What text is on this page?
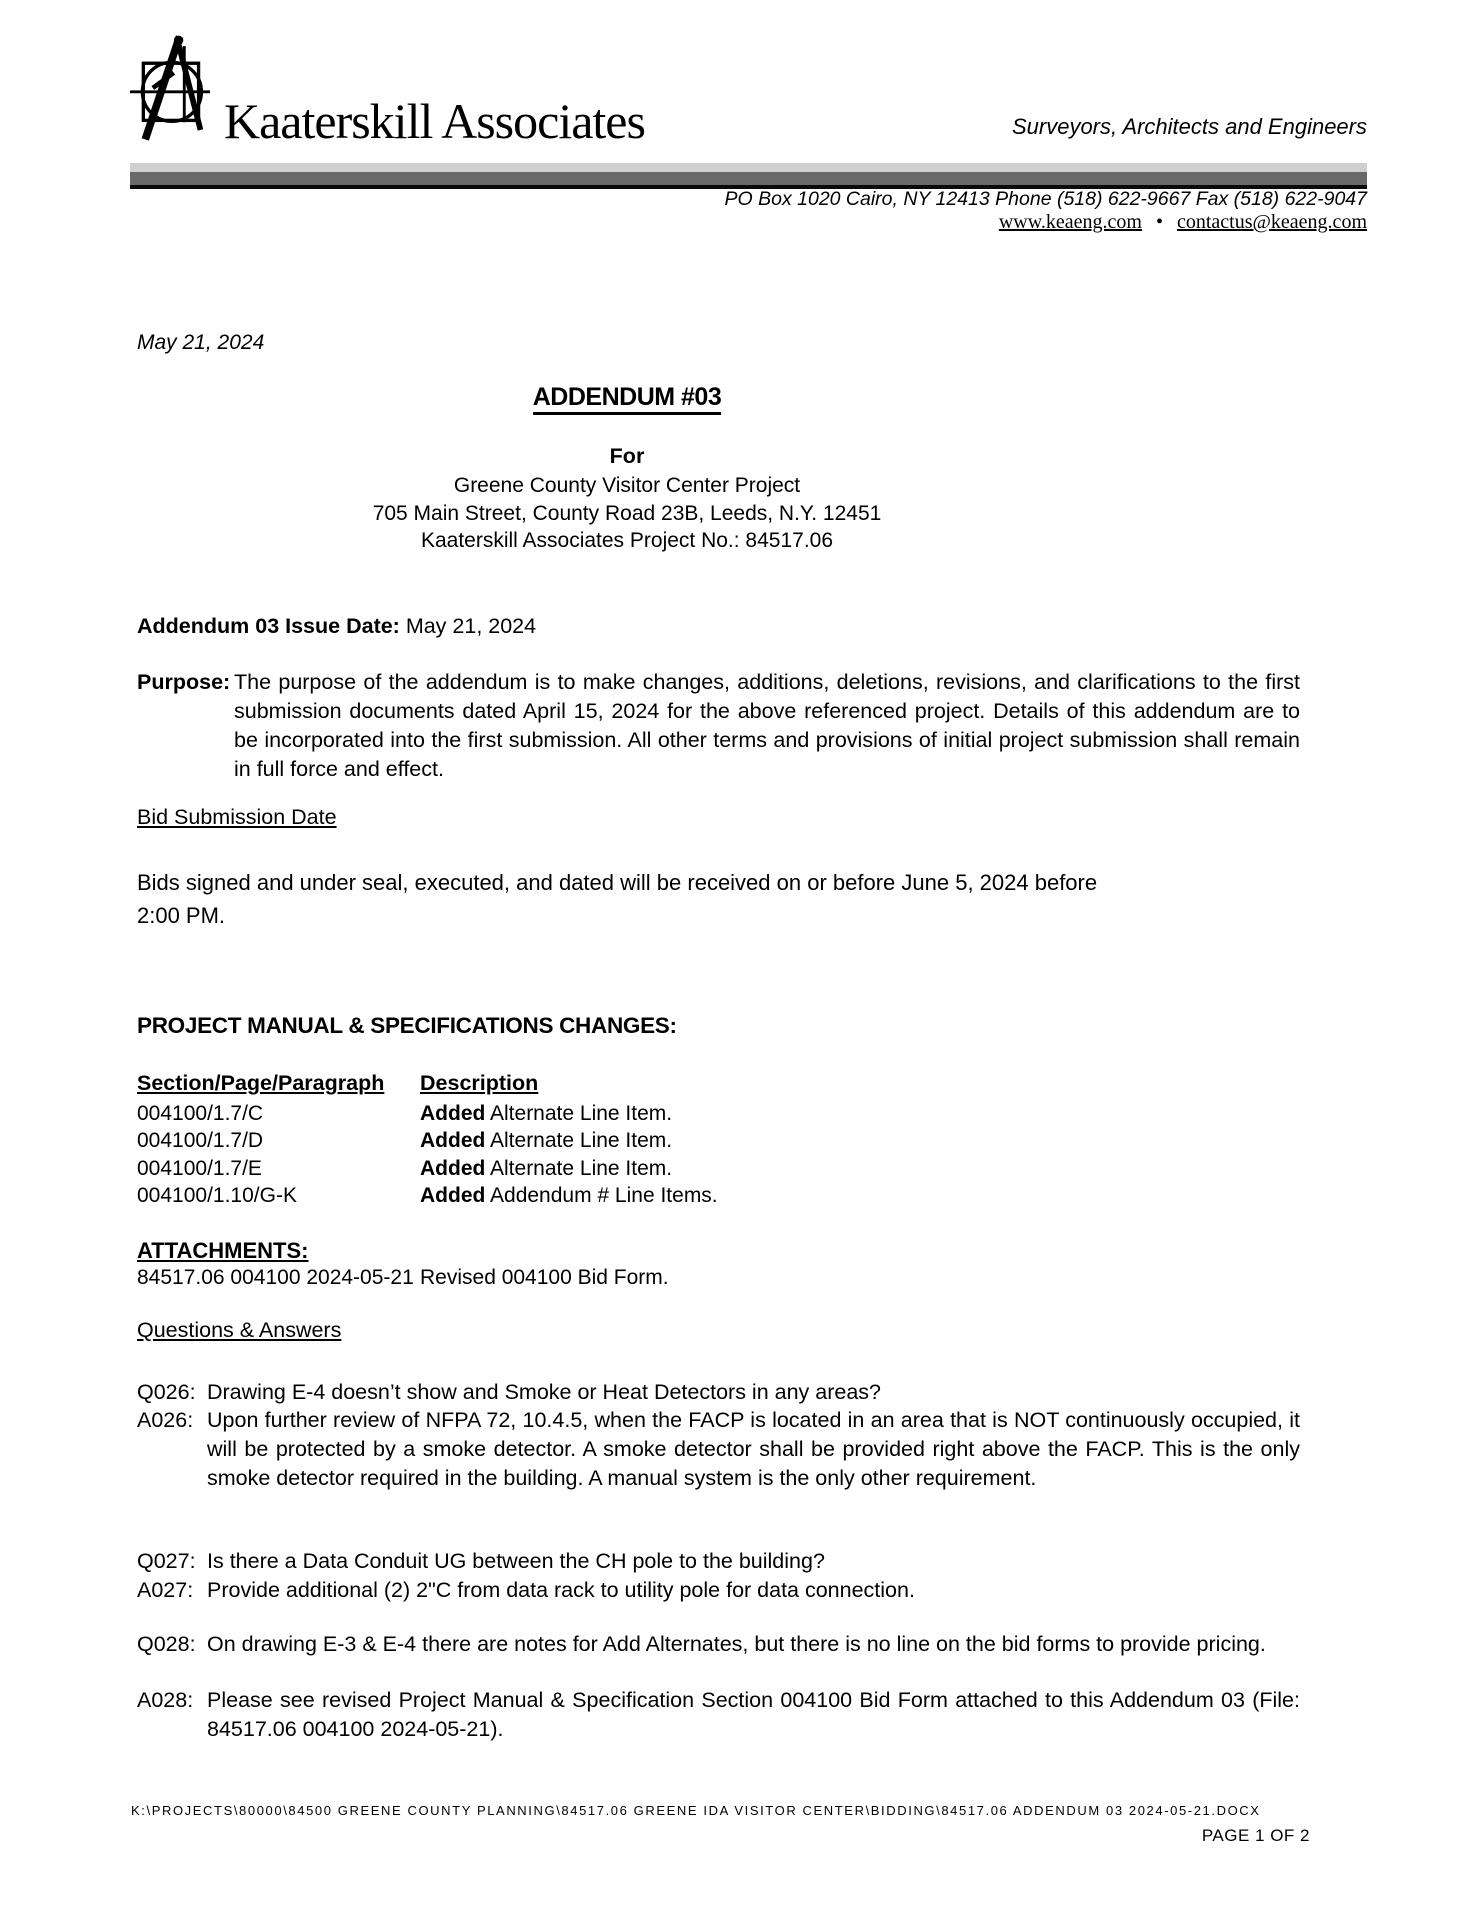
Kaaterskill Associates	Surveyors, Architects and Engineers
PO Box 1020 Cairo, NY 12413 Phone (518) 622-9667 Fax (518) 622-9047
www.keaeng.com • contactus@keaeng.com
May 21, 2024
ADDENDUM #03
For
Greene County Visitor Center Project
705 Main Street, County Road 23B, Leeds, N.Y. 12451
Kaaterskill Associates Project No.: 84517.06
Addendum 03 Issue Date: May 21, 2024
Purpose: The purpose of the addendum is to make changes, additions, deletions, revisions, and clarifications to the first submission documents dated April 15, 2024 for the above referenced project. Details of this addendum are to be incorporated into the first submission. All other terms and provisions of initial project submission shall remain in full force and effect.
Bid Submission Date
Bids signed and under seal, executed, and dated will be received on or before June 5, 2024 before 2:00 PM.
PROJECT MANUAL & SPECIFICATIONS CHANGES:
Section/Page/Paragraph	Description
004100/1.7/C	Added Alternate Line Item.
004100/1.7/D	Added Alternate Line Item.
004100/1.7/E	Added Alternate Line Item.
004100/1.10/G-K	Added Addendum # Line Items.
ATTACHMENTS:
84517.06 004100 2024-05-21 Revised 004100 Bid Form.
Questions & Answers
Q026: Drawing E-4 doesn’t show and Smoke or Heat Detectors in any areas?
A026: Upon further review of NFPA 72, 10.4.5, when the FACP is located in an area that is NOT continuously occupied, it will be protected by a smoke detector. A smoke detector shall be provided right above the FACP. This is the only smoke detector required in the building. A manual system is the only other requirement.
Q027: Is there a Data Conduit UG between the CH pole to the building?
A027: Provide additional (2) 2"C from data rack to utility pole for data connection.
Q028: On drawing E-3 & E-4 there are notes for Add Alternates, but there is no line on the bid forms to provide pricing.
A028: Please see revised Project Manual & Specification Section 004100 Bid Form attached to this Addendum 03 (File: 84517.06 004100 2024-05-21).
K:\PROJECTS\80000\84500 GREENE COUNTY PLANNING\84517.06 GREENE IDA VISITOR CENTER\BIDDING\84517.06 ADDENDUM 03 2024-05-21.DOCX
PAGE 1 OF 2
